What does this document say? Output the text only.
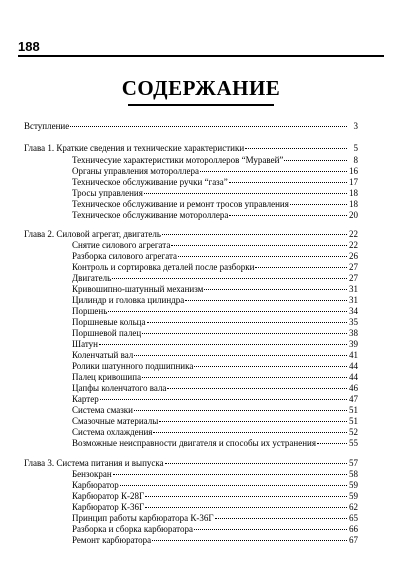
188
СОДЕРЖАНИЕ
Вступление	3
Глава 1. Краткие сведения и технические характеристики	5
Техничесуие характеристики мотороллеров “Муравей”	8
Органы управления мотороллера	16
Техническое обслуживание ручки “газа”	17
Тросы управления	18
Техническое обслуживание и ремонт тросов управления	18
Техническое обслуживание мотороллера	20
Глава 2. Силовой агрегат, двигатель	22
Снятие силового агрегата	22
Разборка силового агрегата	26
Контроль и сортировка деталей после разборки	27
Двигатель	27
Кривошипно-шатунный механизм	31
Цилиндр и головка цилиндра	31
Поршень	34
Поршневые кольца	35
Поршневой палец	38
Шатун	39
Коленчатый вал	41
Ролики шатунного подшипника	44
Палец кривошипа	44
Цапфы коленчатого вала	46
Картер	47
Система смазки	51
Смазочные материалы	51
Система охлаждения	52
Возможные неисправности двигателя и способы их устранения	55
Глава 3. Система питания и выпуска	57
Бензокран	58
Карбюратор	59
Карбюратор К-28Г	59
Карбюратор К-36Г	62
Принцип работы карбюратора К-36Г	65
Разборка и сборка карбюратора	66
Ремонт карбюратора	67
